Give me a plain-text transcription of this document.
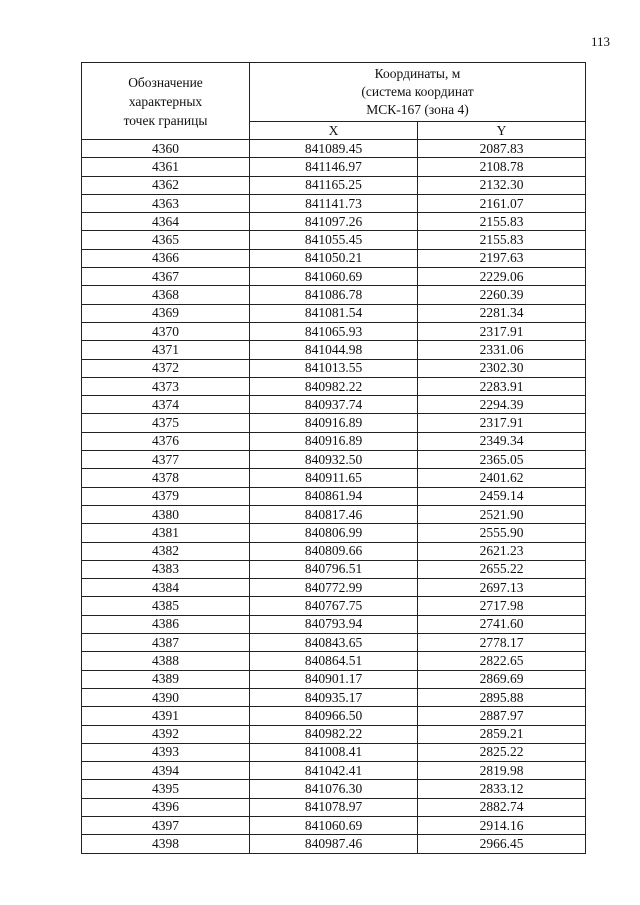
113
Обозначение
характерных
точек границы	Координаты, м
(система координат
МСК-167 (зона 4)	

	X	Y
4360	841089.45	2087.83
4361	841146.97	2108.78
4362	841165.25	2132.30
4363	841141.73	2161.07
4364	841097.26	2155.83
4365	841055.45	2155.83
4366	841050.21	2197.63
4367	841060.69	2229.06
4368	841086.78	2260.39
4369	841081.54	2281.34
4370	841065.93	2317.91
4371	841044.98	2331.06
4372	841013.55	2302.30
4373	840982.22	2283.91
4374	840937.74	2294.39
4375	840916.89	2317.91
4376	840916.89	2349.34
4377	840932.50	2365.05
4378	840911.65	2401.62
4379	840861.94	2459.14
4380	840817.46	2521.90
4381	840806.99	2555.90
4382	840809.66	2621.23
4383	840796.51	2655.22
4384	840772.99	2697.13
4385	840767.75	2717.98
4386	840793.94	2741.60
4387	840843.65	2778.17
4388	840864.51	2822.65
4389	840901.17	2869.69
4390	840935.17	2895.88
4391	840966.50	2887.97
4392	840982.22	2859.21
4393	841008.41	2825.22
4394	841042.41	2819.98
4395	841076.30	2833.12
4396	841078.97	2882.74
4397	841060.69	2914.16
4398	840987.46	2966.45
